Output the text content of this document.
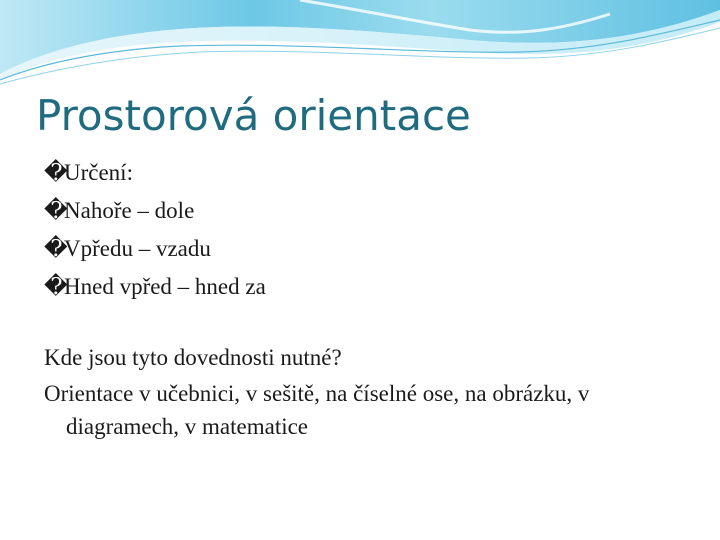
Prostorová orientace
�Určení:
�Nahoře – dole
�Vpředu – vzadu
�Hned vpřed – hned za

Kde jsou tyto dovednosti nutné?

Orientace v učebnici, v sešitě, na číselné ose, na obrázku, v diagramech, v matematice
